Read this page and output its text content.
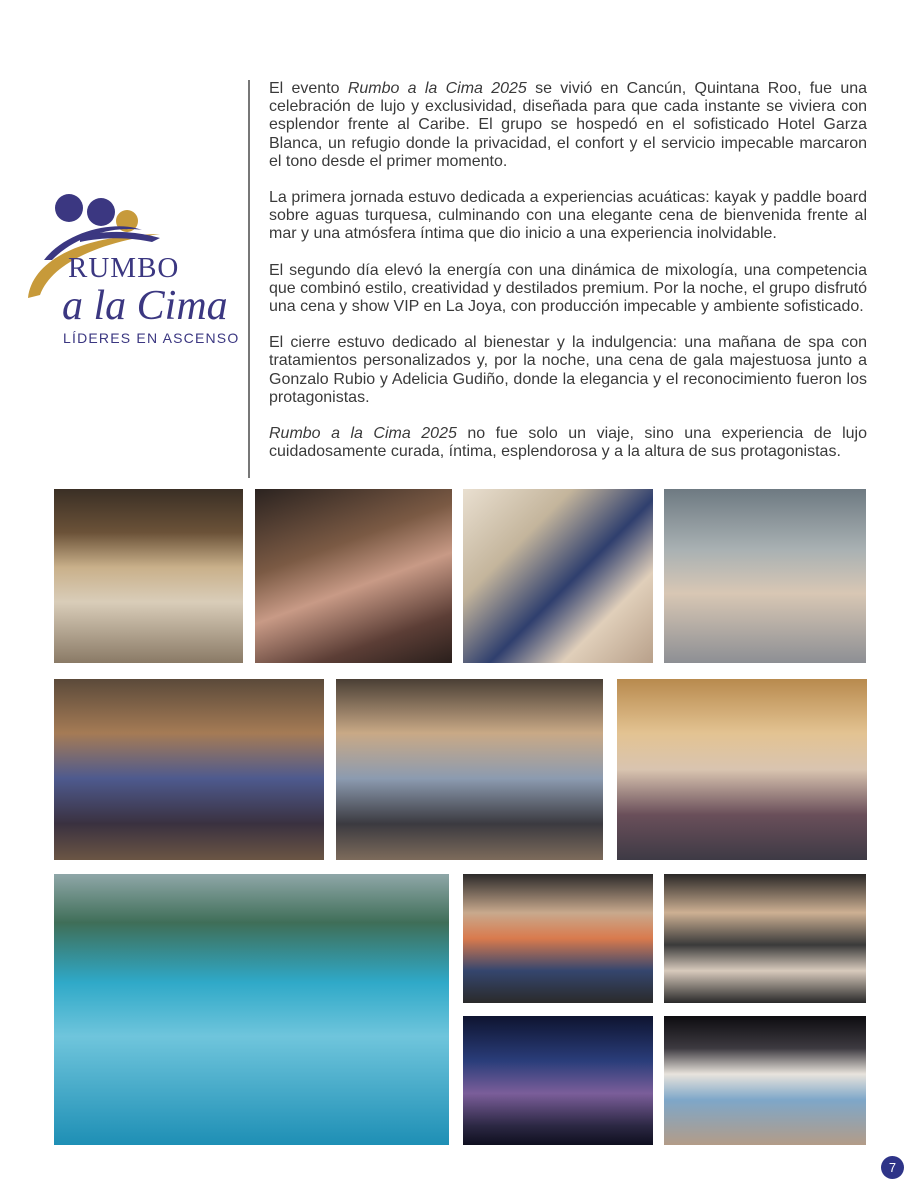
RUMBO
a la Cima
LÍDERES EN ASCENSO

El evento Rumbo a la Cima 2025 se vivió en Cancún, Quintana Roo, fue una celebración de lujo y exclusividad, diseñada para que cada instante se viviera con esplendor frente al Caribe. El grupo se hospedó en el sofisticado Hotel Garza Blanca, un refugio donde la privacidad, el confort y el servicio impecable marcaron el tono desde el primer momento.

La primera jornada estuvo dedicada a experiencias acuáticas: kayak y paddle board sobre aguas turquesa, culminando con una elegante cena de bienvenida frente al mar y una atmósfera íntima que dio inicio a una experiencia inolvidable.

El segundo día elevó la energía con una dinámica de mixología, una competencia que combinó estilo, creatividad y destilados premium. Por la noche, el grupo disfrutó una cena y show VIP en La Joya, con producción impecable y ambiente sofisticado.

El cierre estuvo dedicado al bienestar y la indulgencia: una mañana de spa con tratamientos personalizados y, por la noche, una cena de gala majestuosa junto a Gonzalo Rubio y Adelicia Gudiño, donde la elegancia y el reconocimiento fueron los protagonistas.

Rumbo a la Cima 2025 no fue solo un viaje, sino una experiencia de lujo cuidadosamente curada, íntima, esplendorosa y a la altura de sus protagonistas.

7
